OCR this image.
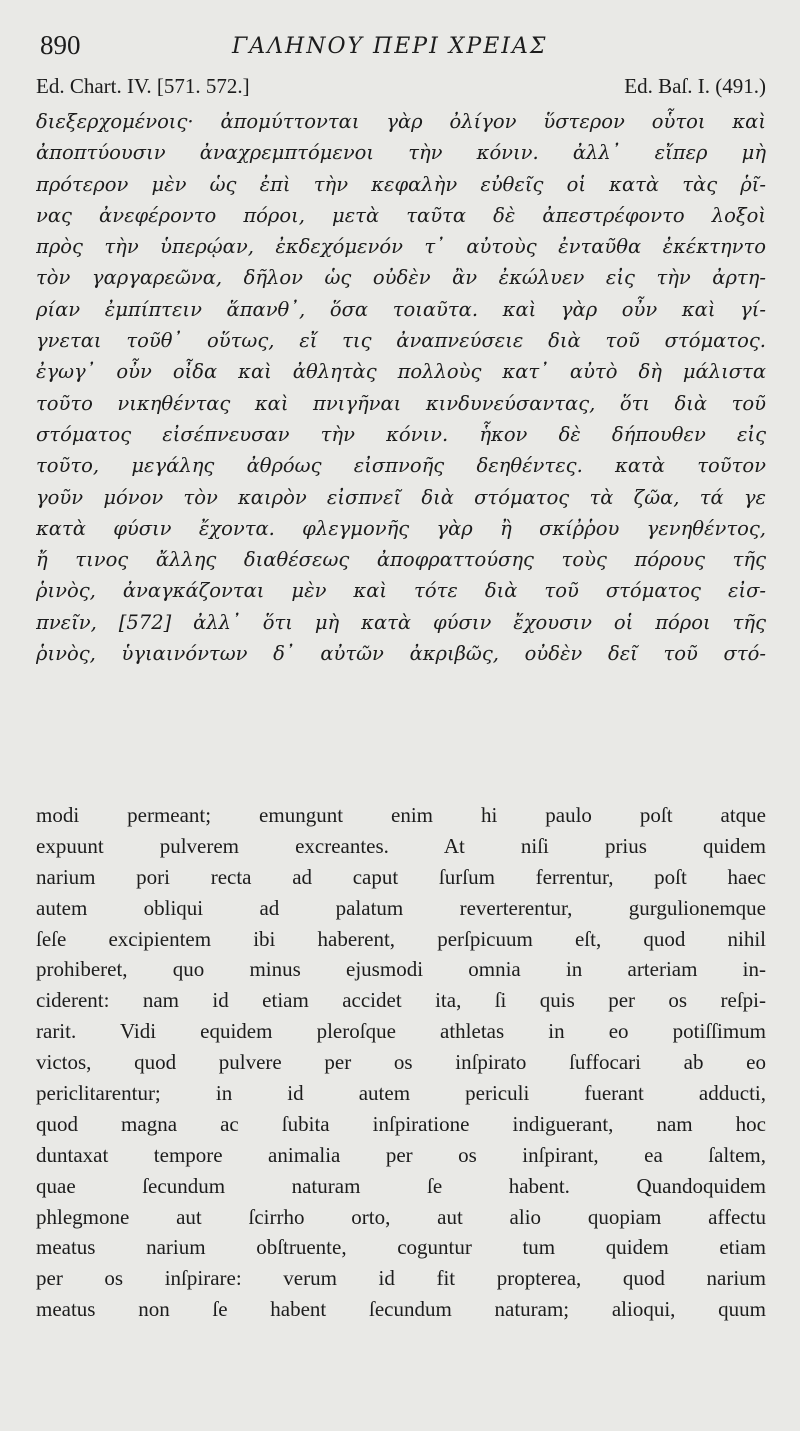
890	ΓΑΛΗΝΟΥ ΠΕΡΙ ΧΡΕΙΑΣ
Ed. Chart. IV. [571. 572.]	Ed. Baſ. I. (491.)
διεξερχομένοις· ἀπομύττονται γὰρ ὀλίγον ὕστερον οὗτοι καὶ
ἀποπτύουσιν ἀναχρεμπτόμενοι τὴν κόνιν. ἀλλ᾽ εἴπερ μὴ
πρότερον μὲν ὡς ἐπὶ τὴν κεφαλὴν εὐθεῖς οἱ κατὰ τὰς ῥῖ-
νας ἀνεφέροντο πόροι, μετὰ ταῦτα δὲ ἀπεστρέφοντο λοξοὶ
πρὸς τὴν ὑπερῴαν, ἐκδεχόμενόν τ᾽ αὐτοὺς ἐνταῦθα ἐκέκτηντο
τὸν γαργαρεῶνα, δῆλον ὡς οὐδὲν ἂν ἐκώλυεν εἰς τὴν ἀρτη-
ρίαν ἐμπίπτειν ἅπανθ᾽, ὅσα τοιαῦτα. καὶ γὰρ οὖν καὶ γί-
γνεται τοῦθ᾽ οὕτως, εἴ τις ἀναπνεύσειε διὰ τοῦ στόματος.
ἐγωγ᾽ οὖν οἶδα καὶ ἀθλητὰς πολλοὺς κατ᾽ αὐτὸ δὴ μάλιστα
τοῦτο νικηθέντας καὶ πνιγῆναι κινδυνεύσαντας, ὅτι διὰ τοῦ
στόματος εἰσέπνευσαν τὴν κόνιν. ἧκον δὲ δήπουθεν εἰς
τοῦτο, μεγάλης ἀθρόως εἰσπνοῆς δεηθέντες. κατὰ τοῦτον
γοῦν μόνον τὸν καιρὸν εἰσπνεῖ διὰ στόματος τὰ ζῶα, τά γε
κατὰ φύσιν ἔχοντα. φλεγμονῆς γὰρ ἢ σκίῤῥου γενηθέντος,
ἤ τινος ἄλλης διαθέσεως ἀποφραττούσης τοὺς πόρους τῆς
ῥινὸς, ἀναγκάζονται μὲν καὶ τότε διὰ τοῦ στόματος εἰσ-
πνεῖν, [572] ἀλλ᾽ ὅτι μὴ κατὰ φύσιν ἔχουσιν οἱ πόροι τῆς
ῥινὸς, ὑγιαινόντων δ᾽ αὐτῶν ἀκριβῶς, οὐδὲν δεῖ τοῦ στό-
modi permeant; emungunt enim hi paulo poſt atque
expuunt pulverem excreantes. At niſi prius quidem
narium pori recta ad caput ſurſum ferrentur, poſt haec
autem obliqui ad palatum reverterentur, gurgulionemque
ſeſe excipientem ibi haberent, perſpicuum eſt, quod nihil
prohiberet, quo minus ejusmodi omnia in arteriam in-
ciderent: nam id etiam accidet ita, ſi quis per os reſpi-
rarit. Vidi equidem pleroſque athletas in eo potiſſimum
victos, quod pulvere per os inſpirato ſuffocari ab eo
periclitarentur; in id autem periculi fuerant adducti,
quod magna ac ſubita inſpiratione indiguerant, nam hoc
duntaxat tempore animalia per os inſpirant, ea ſaltem,
quae ſecundum naturam ſe habent. Quandoquidem
phlegmone aut ſcirrho orto, aut alio quopiam affectu
meatus narium obſtruente, coguntur tum quidem etiam
per os inſpirare: verum id fit propterea, quod narium
meatus non ſe habent ſecundum naturam; alioqui, quum
